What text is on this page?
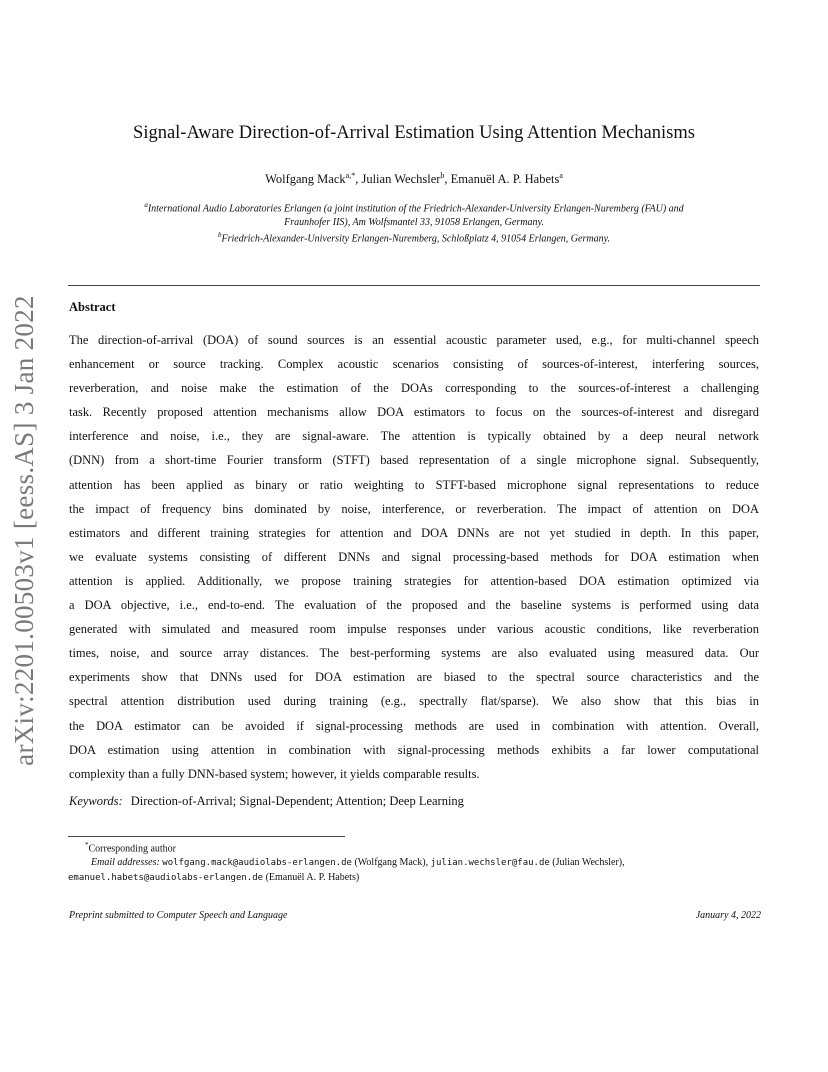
arXiv:2201.00503v1 [eess.AS] 3 Jan 2022
Signal-Aware Direction-of-Arrival Estimation Using Attention Mechanisms
Wolfgang Mack$^{a,*}$, Julian Wechsler$^b$, Emanuël A. P. Habets$^a$
$^a$International Audio Laboratories Erlangen (a joint institution of the Friedrich-Alexander-University Erlangen-Nuremberg (FAU) and
Fraunhofer IIS), Am Wolfsmantel 33, 91058 Erlangen, Germany.
$^b$Friedrich-Alexander-University Erlangen-Nuremberg, Schloßplatz 4, 91054 Erlangen, Germany.
Abstract
The direction-of-arrival (DOA) of sound sources is an essential acoustic parameter used, e.g., for multi-channel speech
enhancement or source tracking. Complex acoustic scenarios consisting of sources-of-interest, interfering sources,
reverberation, and noise make the estimation of the DOAs corresponding to the sources-of-interest a challenging
task. Recently proposed attention mechanisms allow DOA estimators to focus on the sources-of-interest and disregard
interference and noise, i.e., they are signal-aware. The attention is typically obtained by a deep neural network
(DNN) from a short-time Fourier transform (STFT) based representation of a single microphone signal. Subsequently,
attention has been applied as binary or ratio weighting to STFT-based microphone signal representations to reduce
the impact of frequency bins dominated by noise, interference, or reverberation. The impact of attention on DOA
estimators and different training strategies for attention and DOA DNNs are not yet studied in depth. In this paper,
we evaluate systems consisting of different DNNs and signal processing-based methods for DOA estimation when
attention is applied. Additionally, we propose training strategies for attention-based DOA estimation optimized via
a DOA objective, i.e., end-to-end. The evaluation of the proposed and the baseline systems is performed using data
generated with simulated and measured room impulse responses under various acoustic conditions, like reverberation
times, noise, and source array distances. The best-performing systems are also evaluated using measured data. Our
experiments show that DNNs used for DOA estimation are biased to the spectral source characteristics and the
spectral attention distribution used during training (e.g., spectrally flat/sparse). We also show that this bias in
the DOA estimator can be avoided if signal-processing methods are used in combination with attention. Overall,
DOA estimation using attention in combination with signal-processing methods exhibits a far lower computational
complexity than a fully DNN-based system; however, it yields comparable results.
Keywords: Direction-of-Arrival; Signal-Dependent; Attention; Deep Learning
*Corresponding author
Email addresses: wolfgang.mack@audiolabs-erlangen.de (Wolfgang Mack), julian.wechsler@fau.de (Julian Wechsler),
emanuel.habets@audiolabs-erlangen.de (Emanuël A. P. Habets)
Preprint submitted to Computer Speech and Language	January 4, 2022
